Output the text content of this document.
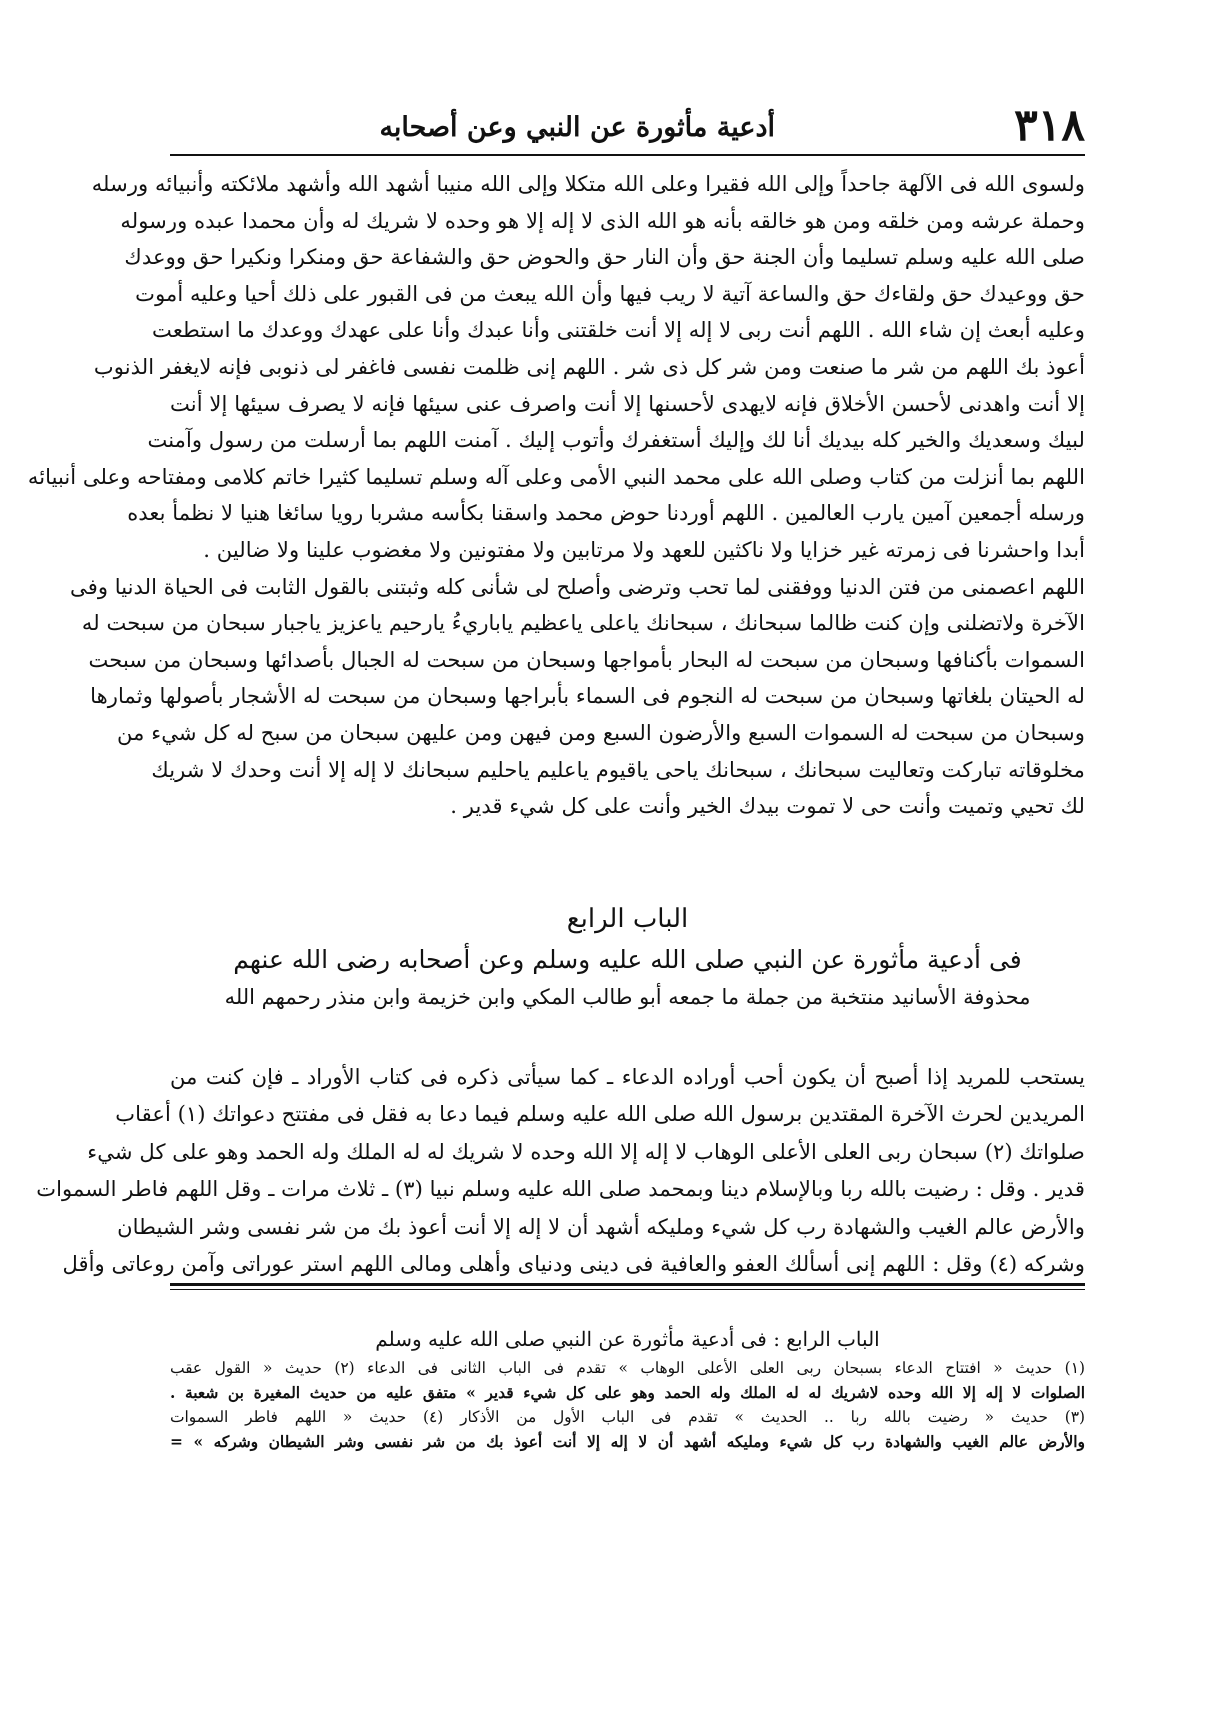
٣١٨
أدعية مأثورة عن النبي وعن أصحابه
ولسوى الله فى الآلهة جاحداً وإلى الله فقيرا وعلى الله متكلا وإلى الله منيبا أشهد الله وأشهد ملائكته وأنبيائه ورسله
وحملة عرشه ومن خلقه ومن هو خالقه بأنه هو الله الذى لا إله إلا هو وحده لا شريك له وأن محمدا عبده ورسوله
صلى الله عليه وسلم تسليما وأن الجنة حق وأن النار حق والحوض حق والشفاعة حق ومنكرا ونكيرا حق ووعدك
حق ووعيدك حق ولقاءك حق والساعة آتية لا ريب فيها وأن الله يبعث من فى القبور على ذلك أحيا وعليه أموت
وعليه أبعث إن شاء الله . اللهم أنت ربى لا إله إلا أنت خلقتنى وأنا عبدك وأنا على عهدك ووعدك ما استطعت
أعوذ بك اللهم من شر ما صنعت ومن شر كل ذى شر . اللهم إنى ظلمت نفسى فاغفر لى ذنوبى فإنه لايغفر الذنوب
إلا أنت واهدنى لأحسن الأخلاق فإنه لايهدى لأحسنها إلا أنت واصرف عنى سيئها فإنه لا يصرف سيئها إلا أنت
لبيك وسعديك والخير كله بيديك أنا لك وإليك أستغفرك وأتوب إليك . آمنت اللهم بما أرسلت من رسول وآمنت
اللهم بما أنزلت من كتاب وصلى الله على محمد النبي الأمى وعلى آله وسلم تسليما كثيرا خاتم كلامى ومفتاحه وعلى أنبيائه
ورسله أجمعين آمين يارب العالمين . اللهم أوردنا حوض محمد واسقنا بكأسه مشربا رويا سائغا هنيا لا نظمأ بعده
أبدا واحشرنا فى زمرته غير خزايا ولا ناكثين للعهد ولا مرتابين ولا مفتونين ولا مغضوب علينا ولا ضالين .
اللهم اعصمنى من فتن الدنيا ووفقنى لما تحب وترضى وأصلح لى شأنى كله وثبتنى بالقول الثابت فى الحياة الدنيا وفى
الآخرة ولاتضلنى وإن كنت ظالما سبحانك ، سبحانك ياعلى ياعظيم ياباريءُ يارحيم ياعزيز ياجبار سبحان من سبحت له
السموات بأكنافها وسبحان من سبحت له البحار بأمواجها وسبحان من سبحت له الجبال بأصدائها وسبحان من سبحت
له الحيتان بلغاتها وسبحان من سبحت له النجوم فى السماء بأبراجها وسبحان من سبحت له الأشجار بأصولها وثمارها
وسبحان من سبحت له السموات السبع والأرضون السبع ومن فيهن ومن عليهن سبحان من سبح له كل شيء من
مخلوقاته تباركت وتعاليت سبحانك ، سبحانك ياحى ياقيوم ياعليم ياحليم سبحانك لا إله إلا أنت وحدك لا شريك
لك تحيي وتميت وأنت حى لا تموت بيدك الخير وأنت على كل شيء قدير .
الباب الرابع
فى أدعية مأثورة عن النبي صلى الله عليه وسلم وعن أصحابه رضى الله عنهم
محذوفة الأسانيد منتخبة من جملة ما جمعه أبو طالب المكي وابن خزيمة وابن منذر رحمهم الله
يستحب للمريد إذا أصبح أن يكون أحب أوراده الدعاء ـ كما سيأتى ذكره فى كتاب الأوراد ـ فإن كنت من
المريدين لحرث الآخرة المقتدين برسول الله صلى الله عليه وسلم فيما دعا به فقل فى مفتتح دعواتك (١) أعقاب
صلواتك (٢) سبحان ربى العلى الأعلى الوهاب لا إله إلا الله وحده لا شريك له له الملك وله الحمد وهو على كل شيء
قدير . وقل : رضيت بالله ربا وبالإسلام دينا وبمحمد صلى الله عليه وسلم نبيا (٣) ـ ثلاث مرات ـ وقل اللهم فاطر السموات
والأرض عالم الغيب والشهادة رب كل شيء ومليكه أشهد أن لا إله إلا أنت أعوذ بك من شر نفسى وشر الشيطان
وشركه (٤) وقل : اللهم إنى أسألك العفو والعافية فى دينى ودنياى وأهلى ومالى اللهم استر عوراتى وآمن روعاتى وأقل
الباب الرابع : فى أدعية مأثورة عن النبي صلى الله عليه وسلم
(١) حديث « افتتاح الدعاء بسبحان ربى العلى الأعلى الوهاب » تقدم فى الباب الثانى فى الدعاء (٢) حديث « القول عقب
الصلوات لا إله إلا الله وحده لاشريك له له الملك وله الحمد وهو على كل شيء قدير » متفق عليه من حديث المغيرة بن شعبة .
(٣) حديث « رضيت بالله ربا .. الحديث » تقدم فى الباب الأول من الأذكار (٤) حديث « اللهم فاطر السموات
والأرض عالم الغيب والشهادة رب كل شيء ومليكه أشهد أن لا إله إلا أنت أعوذ بك من شر نفسى وشر الشيطان وشركه » =
